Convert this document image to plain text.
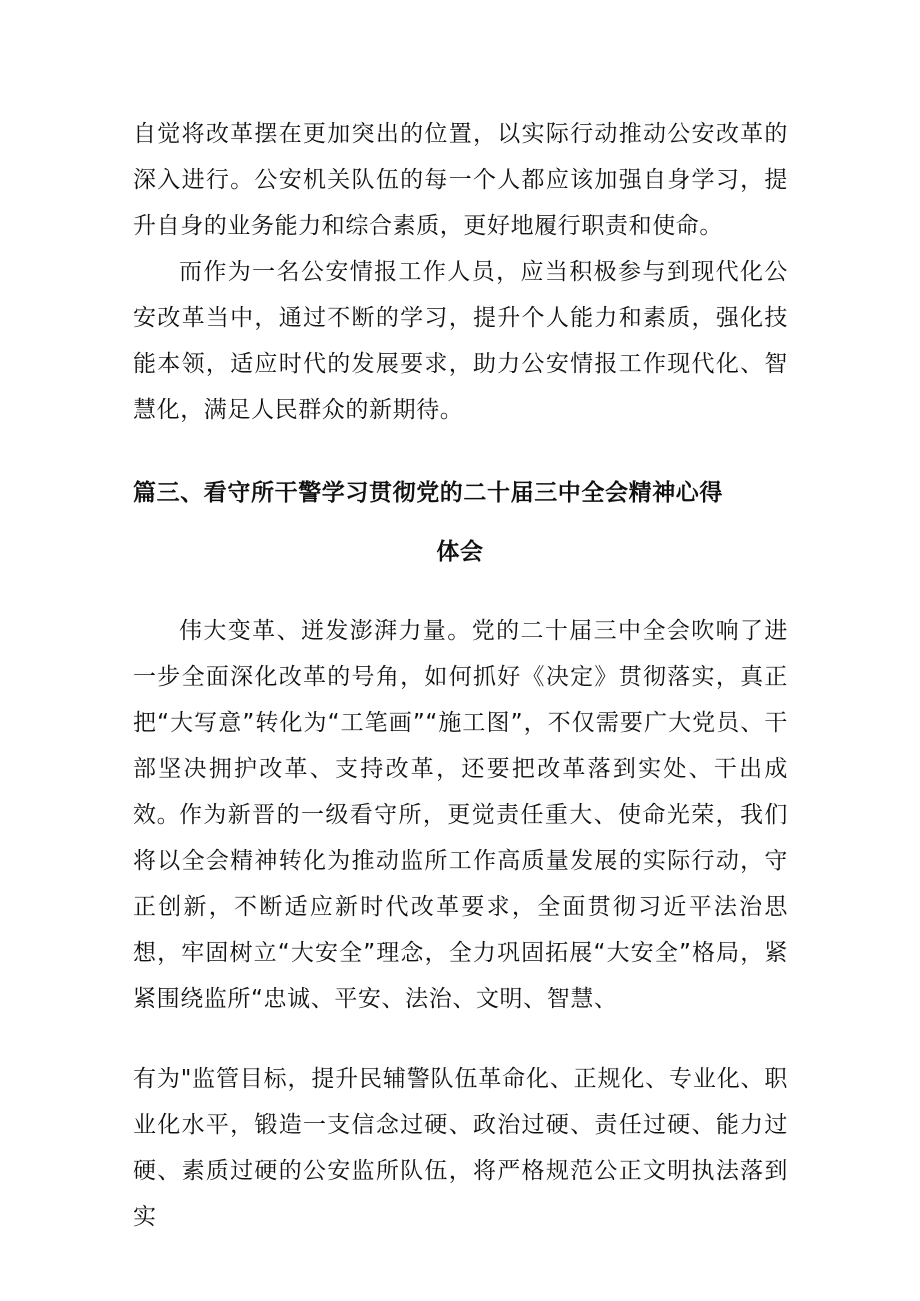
自觉将改革摆在更加突出的位置，以实际行动推动公安改革的深入进行。公安机关队伍的每一个人都应该加强自身学习，提升自身的业务能力和综合素质，更好地履行职责和使命。

而作为一名公安情报工作人员，应当积极参与到现代化公安改革当中，通过不断的学习，提升个人能力和素质，强化技能本领，适应时代的发展要求，助力公安情报工作现代化、智慧化，满足人民群众的新期待。

篇三、看守所干警学习贯彻党的二十届三中全会精神心得
体会

伟大变革、迸发澎湃力量。党的二十届三中全会吹响了进一步全面深化改革的号角，如何抓好《决定》贯彻落实，真正把“大写意”转化为“工笔画”“施工图”，不仅需要广大党员、干部坚决拥护改革、支持改革，还要把改革落到实处、干出成效。

作为新晋的一级看守所，更觉责任重大、使命光荣，我们将以全会精神转化为推动监所工作高质量发展的实际行动，守正创新，不断适应新时代改革要求，全面贯彻习近平法治思想，牢固树立“大安全”理念，全力巩固拓展“大安全”格局，紧紧围绕监所“忠诚、平安、法治、文明、智慧、

有为"监管目标，提升民辅警队伍革命化、正规化、专业化、职业化水平，锻造一支信念过硬、政治过硬、责任过硬、能力过硬、素质过硬的公安监所队伍，将严格规范公正文明执法落到实
